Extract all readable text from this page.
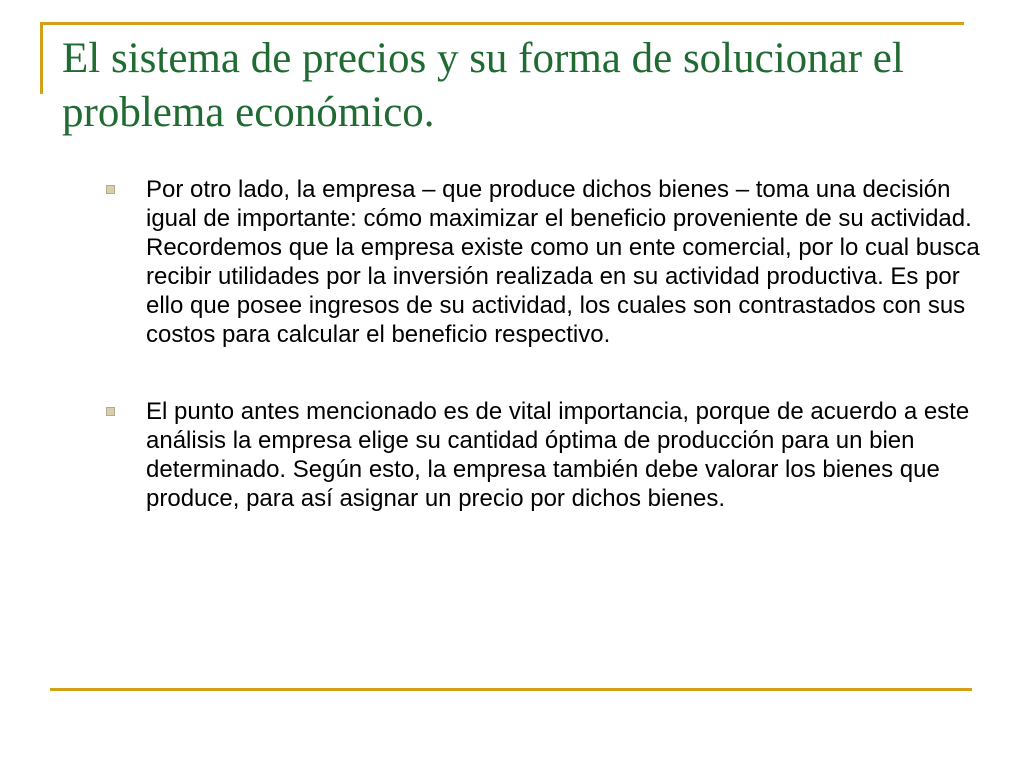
El sistema de precios y su forma de solucionar el problema económico.
Por otro lado, la empresa – que produce dichos bienes – toma una decisión igual de importante: cómo maximizar el beneficio proveniente de su actividad. Recordemos que la empresa existe como un ente comercial, por lo cual busca recibir utilidades por la inversión realizada en su actividad productiva. Es por ello que posee ingresos de su actividad, los cuales son contrastados con sus costos para calcular el beneficio respectivo.
El punto antes mencionado es de vital importancia, porque de acuerdo a este análisis la empresa elige su cantidad óptima de producción para un bien determinado. Según esto, la empresa también debe valorar los bienes que produce, para así asignar un precio por dichos bienes.
